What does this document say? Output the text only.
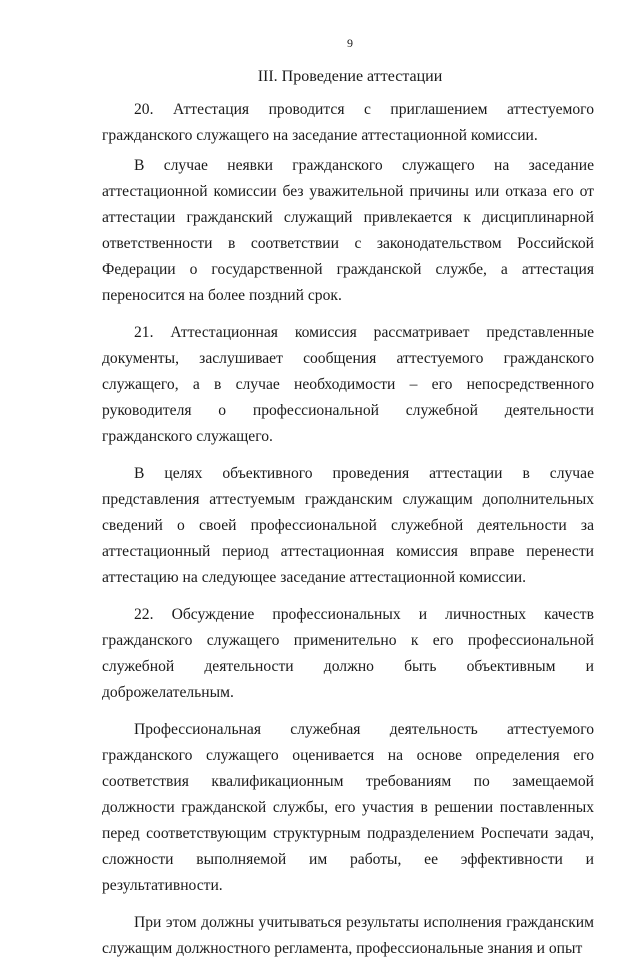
9
III. Проведение аттестации

20. Аттестация проводится с приглашением аттестуемого гражданского служащего на заседание аттестационной комиссии.

В случае неявки гражданского служащего на заседание аттестационной комиссии без уважительной причины или отказа его от аттестации гражданский служащий привлекается к дисциплинарной ответственности в соответствии с законодательством Российской Федерации о государственной гражданской службе, а аттестация переносится на более поздний срок.

21. Аттестационная комиссия рассматривает представленные документы, заслушивает сообщения аттестуемого гражданского служащего, а в случае необходимости – его непосредственного руководителя о профессиональной служебной деятельности гражданского служащего.

В целях объективного проведения аттестации в случае представления аттестуемым гражданским служащим дополнительных сведений о своей профессиональной служебной деятельности за аттестационный период аттестационная комиссия вправе перенести аттестацию на следующее заседание аттестационной комиссии.

22. Обсуждение профессиональных и личностных качеств гражданского служащего применительно к его профессиональной служебной деятельности должно быть объективным и доброжелательным.

Профессиональная служебная деятельность аттестуемого гражданского служащего оценивается на основе определения его соответствия квалификационным требованиям по замещаемой должности гражданской службы, его участия в решении поставленных перед соответствующим структурным подразделением Роспечати задач, сложности выполняемой им работы, ее эффективности и результативности.

При этом должны учитываться результаты исполнения гражданским служащим должностного регламента, профессиональные знания и опыт
